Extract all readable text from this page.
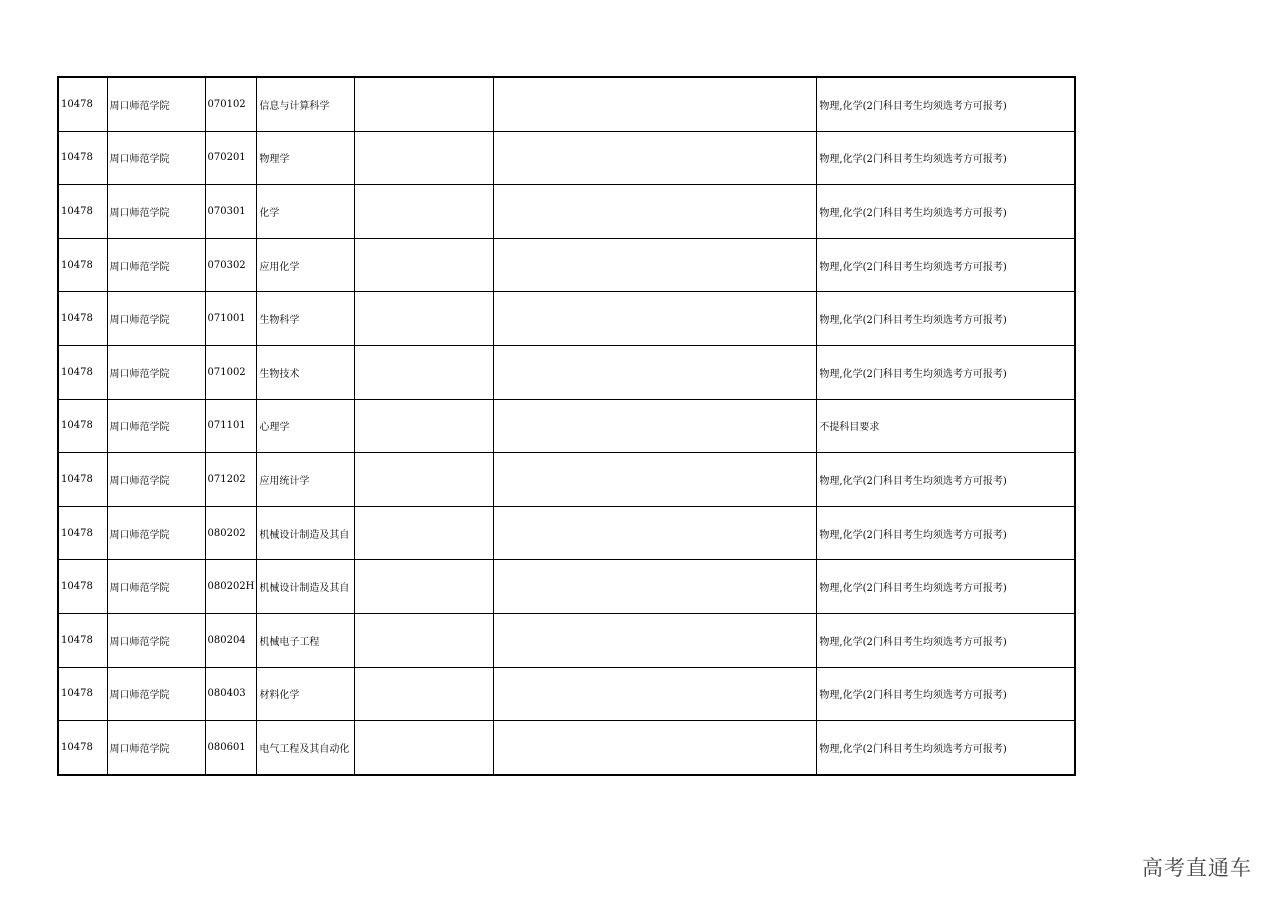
10478	周口师范学院	070102	信息与计算科学			物理,化学(2门科目考生均须选考方可报考)
10478	周口师范学院	070201	物理学			物理,化学(2门科目考生均须选考方可报考)
10478	周口师范学院	070301	化学			物理,化学(2门科目考生均须选考方可报考)
10478	周口师范学院	070302	应用化学			物理,化学(2门科目考生均须选考方可报考)
10478	周口师范学院	071001	生物科学			物理,化学(2门科目考生均须选考方可报考)
10478	周口师范学院	071002	生物技术			物理,化学(2门科目考生均须选考方可报考)
10478	周口师范学院	071101	心理学			不提科目要求
10478	周口师范学院	071202	应用统计学			物理,化学(2门科目考生均须选考方可报考)
10478	周口师范学院	080202	机械设计制造及其自			物理,化学(2门科目考生均须选考方可报考)
10478	周口师范学院	080202H	机械设计制造及其自			物理,化学(2门科目考生均须选考方可报考)
10478	周口师范学院	080204	机械电子工程			物理,化学(2门科目考生均须选考方可报考)
10478	周口师范学院	080403	材料化学			物理,化学(2门科目考生均须选考方可报考)
10478	周口师范学院	080601	电气工程及其自动化			物理,化学(2门科目考生均须选考方可报考)
高考直通车
